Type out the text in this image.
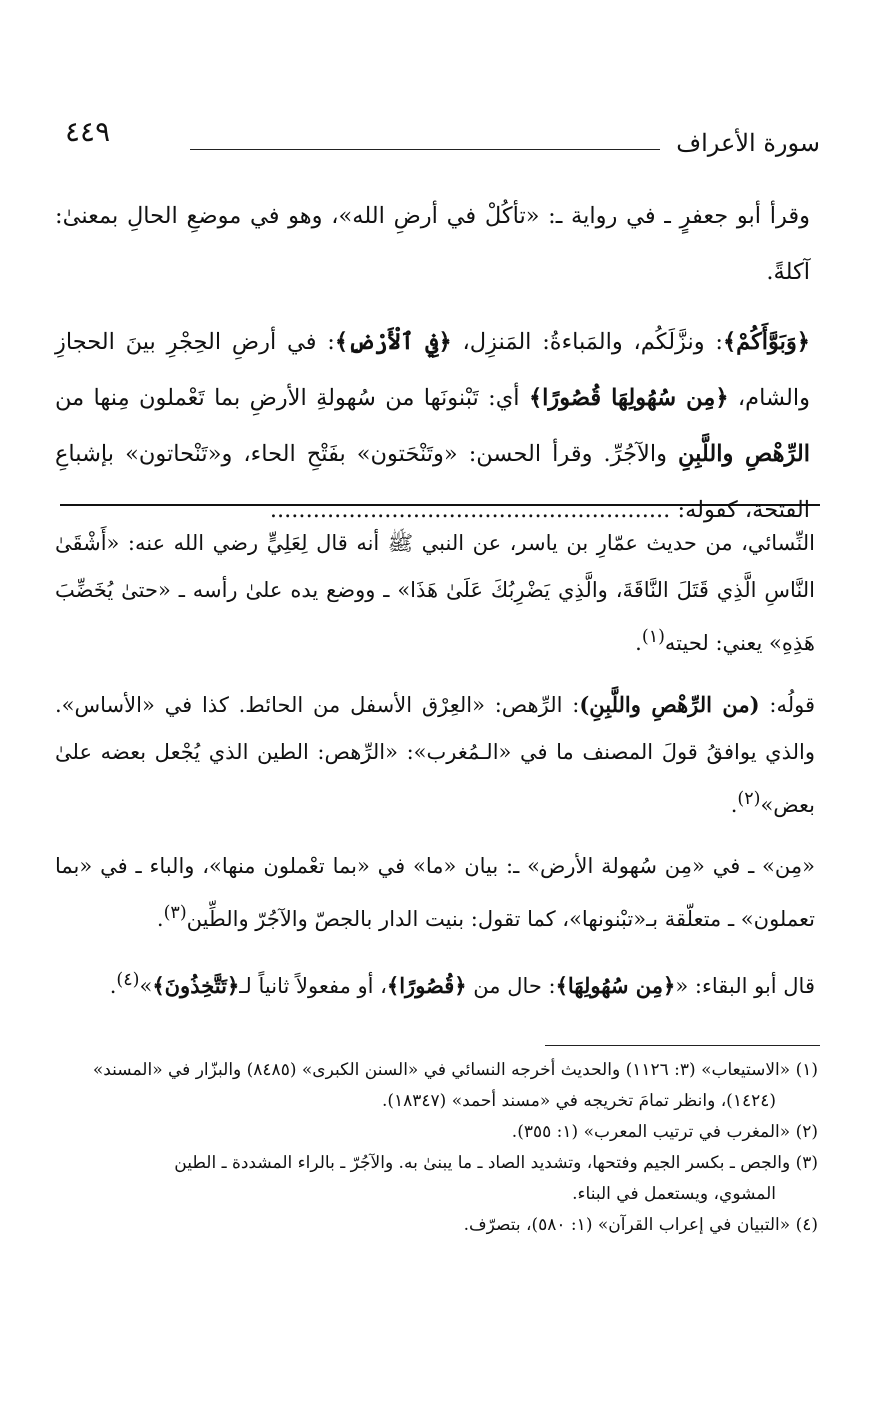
سورة الأعراف
٤٤٩

وقرأ أبو جعفرٍ ـ في رواية ـ: «تأكُلْ في أرضِ الله»، وهو في موضعِ الحالِ بمعنىٰ: آكلةً.

﴿وَبَوَّأَكُمْ﴾: ونزَّلَكُم، والمَباءةُ: المَنزِل، ﴿فِي ٱلْأَرْضِ﴾: في أرضِ الحِجْرِ بينَ الحجازِ والشام، ﴿مِن سُهُولِهَا قُصُورًا﴾ أي: تَبْنونَها من سُهولةِ الأرضِ بما تَعْملون مِنها من الرِّهْصِ واللَّبِنِ والآجُرِّ. وقرأ الحسن: «وتَنْحَتون» بفَتْحِ الحاء، و«تَنْحاتون» بإشباعِ الفتحة، كقوله: ........................................................

النِّسائي، من حديث عمّارِ بن ياسر، عن النبي ﷺ أنه قال لِعَلِيٍّ رضي الله عنه: «أَشْقَىٰ النَّاسِ الَّذِي قَتَلَ النَّاقَةَ، والَّذِي يَضْرِبُكَ عَلَىٰ هَذَا» ـ ووضع يده علىٰ رأسه ـ «حتىٰ يُخَضِّبَ هَذِهِ» يعني: لحيته$^{(١)}$.

قولُه: (من الرِّهْصِ واللَّبِنِ): الرِّهص: «العِرْق الأسفل من الحائط. كذا في «الأساس». والذي يوافقُ قولَ المصنف ما في «الـمُغرب»: «الرِّهص: الطين الذي يُجْعل بعضه علىٰ بعض»$^{(٢)}$.

«مِن» ـ في «مِن سُهولة الأرض» ـ: بيان «ما» في «بما تعْملون منها»، والباء ـ في «بما تعملون» ـ متعلّقة بـ«تبْنونها»، كما تقول: بنيت الدار بالجصّ والآجُرّ والطِّين$^{(٣)}$.

قال أبو البقاء: «﴿مِن سُهُولِهَا﴾: حال من ﴿قُصُورًا﴾، أو مفعولاً ثانياً لـ﴿تَتَّخِذُونَ﴾»$^{(٤)}$.

(١) «الاستيعاب» (٣: ١١٢٦) والحديث أخرجه النسائي في «السنن الكبرى» (٨٤٨٥) والبزّار في «المسند»

(١٤٢٤)، وانظر تمامَ تخريجه في «مسند أحمد» (١٨٣٤٧).

(٢) «المغرب في ترتيب المعرب» (١: ٣٥٥).

(٣) والجص ـ بكسر الجيم وفتحها، وتشديد الصاد ـ ما يبنىٰ به. والآجُرّ ـ بالراء المشددة ـ الطين

المشوي، ويستعمل في البناء.

(٤) «التبيان في إعراب القرآن» (١: ٥٨٠)، بتصرّف.
